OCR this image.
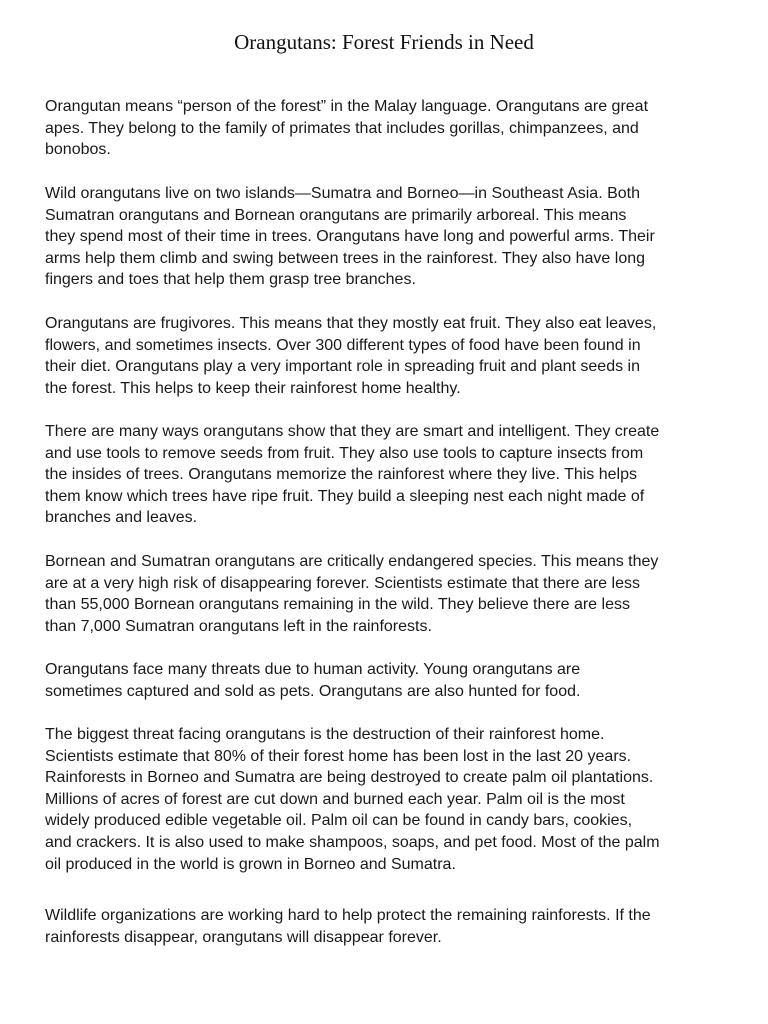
Orangutans: Forest Friends in Need

Orangutan means “person of the forest” in the Malay language. Orangutans are great
apes. They belong to the family of primates that includes gorillas, chimpanzees, and
bonobos.

Wild orangutans live on two islands—Sumatra and Borneo—in Southeast Asia. Both
Sumatran orangutans and Bornean orangutans are primarily arboreal. This means
they spend most of their time in trees. Orangutans have long and powerful arms. Their
arms help them climb and swing between trees in the rainforest. They also have long
fingers and toes that help them grasp tree branches.

Orangutans are frugivores. This means that they mostly eat fruit. They also eat leaves,
flowers, and sometimes insects. Over 300 different types of food have been found in
their diet. Orangutans play a very important role in spreading fruit and plant seeds in
the forest. This helps to keep their rainforest home healthy.

There are many ways orangutans show that they are smart and intelligent. They create
and use tools to remove seeds from fruit. They also use tools to capture insects from
the insides of trees. Orangutans memorize the rainforest where they live. This helps
them know which trees have ripe fruit. They build a sleeping nest each night made of
branches and leaves.

Bornean and Sumatran orangutans are critically endangered species. This means they
are at a very high risk of disappearing forever. Scientists estimate that there are less
than 55,000 Bornean orangutans remaining in the wild. They believe there are less
than 7,000 Sumatran orangutans left in the rainforests.

Orangutans face many threats due to human activity. Young orangutans are
sometimes captured and sold as pets. Orangutans are also hunted for food.

The biggest threat facing orangutans is the destruction of their rainforest home.
Scientists estimate that 80% of their forest home has been lost in the last 20 years.
Rainforests in Borneo and Sumatra are being destroyed to create palm oil plantations.
Millions of acres of forest are cut down and burned each year. Palm oil is the most
widely produced edible vegetable oil. Palm oil can be found in candy bars, cookies,
and crackers. It is also used to make shampoos, soaps, and pet food. Most of the palm
oil produced in the world is grown in Borneo and Sumatra.

Wildlife organizations are working hard to help protect the remaining rainforests. If the
rainforests disappear, orangutans will disappear forever.
